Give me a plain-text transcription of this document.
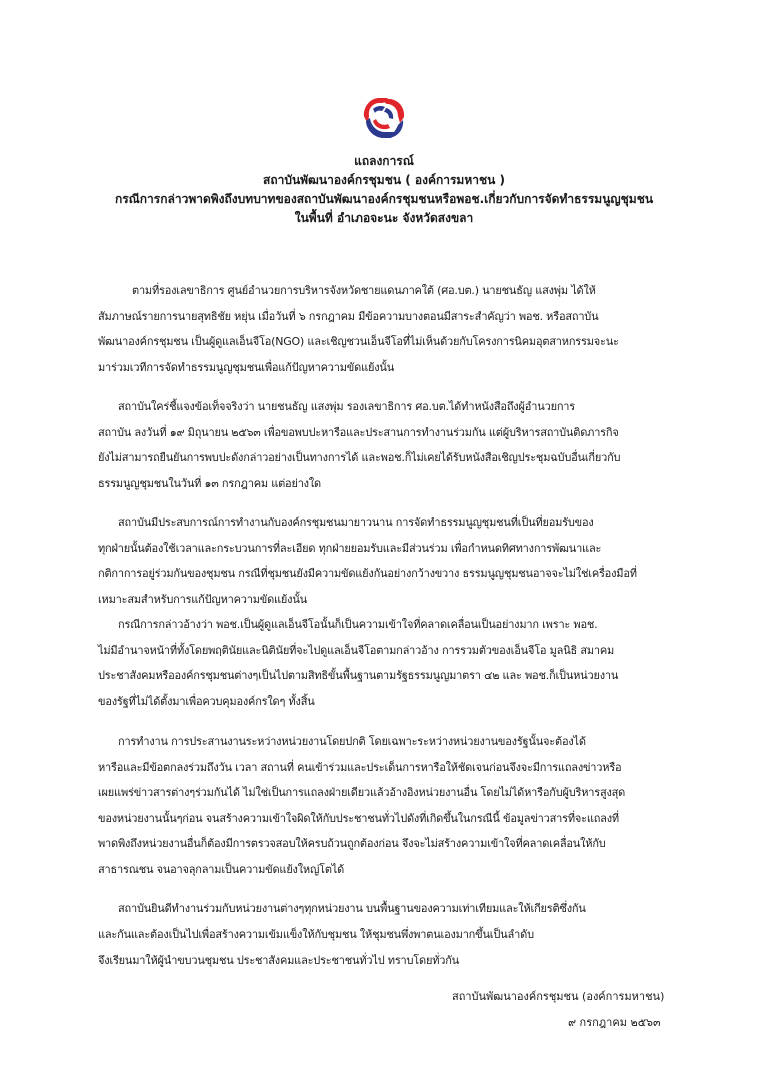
แถลงการณ์
สถาบันพัฒนาองค์กรชุมชน ( องค์การมหาชน )
กรณีการกล่าวพาดพิงถึงบทบาทของสถาบันพัฒนาองค์กรชุมชนหรือพอช.เกี่ยวกับการจัดทำธรรมนูญชุมชน
ในพื้นที่ อำเภอจะนะ จังหวัดสงขลา
ตามที่รองเลขาธิการ ศูนย์อำนวยการบริหารจังหวัดชายแดนภาคใต้ (ศอ.บต.) นายชนธัญ แสงพุ่ม ได้ให้
สัมภาษณ์รายการนายสุทธิชัย หยุ่น เมื่อวันที่ ๖ กรกฎาคม มีข้อความบางตอนมีสาระสำคัญว่า พอช. หรือสถาบัน
พัฒนาองค์กรชุมชน เป็นผู้ดูแลเอ็นจีโอ(NGO) และเชิญชวนเอ็นจีโอที่ไม่เห็นด้วยกับโครงการนิคมอุตสาหกรรมจะนะ
มาร่วมเวทีการจัดทำธรรมนูญชุมชนเพื่อแก้ปัญหาความขัดแย้งนั้น
สถาบันใคร่ชี้แจงข้อเท็จจริงว่า นายชนธัญ แสงพุ่ม รองเลขาธิการ ศอ.บต.ได้ทำหนังสือถึงผู้อำนวยการ
สถาบัน ลงวันที่ ๑๙ มิถุนายน ๒๕๖๓ เพื่อขอพบปะหารือและประสานการทำงานร่วมกัน แต่ผู้บริหารสถาบันติดภารกิจ
ยังไม่สามารถยืนยันการพบปะดังกล่าวอย่างเป็นทางการได้ และพอช.ก็ไม่เคยได้รับหนังสือเชิญประชุมฉบับอื่นเกี่ยวกับ
ธรรมนูญชุมชนในวันที่ ๑๓ กรกฎาคม แต่อย่างใด
สถาบันมีประสบการณ์การทำงานกับองค์กรชุมชนมายาวนาน การจัดทำธรรมนูญชุมชนที่เป็นที่ยอมรับของ
ทุกฝ่ายนั้นต้องใช้เวลาและกระบวนการที่ละเอียด ทุกฝ่ายยอมรับและมีส่วนร่วม เพื่อกำหนดทิศทางการพัฒนาและ
กติกาการอยู่ร่วมกันของชุมชน กรณีที่ชุมชนยังมีความขัดแย้งกันอย่างกว้างขวาง ธรรมนูญชุมชนอาจจะไม่ใช่เครื่องมือที่
เหมาะสมสำหรับการแก้ปัญหาความขัดแย้งนั้น
กรณีการกล่าวอ้างว่า พอช.เป็นผู้ดูแลเอ็นจีโอนั้นก็เป็นความเข้าใจที่คลาดเคลื่อนเป็นอย่างมาก เพราะ พอช.
ไม่มีอำนาจหน้าที่ทั้งโดยพฤตินัยและนิตินัยที่จะไปดูแลเอ็นจีโอตามกล่าวอ้าง การรวมตัวของเอ็นจีโอ มูลนิธิ สมาคม
ประชาสังคมหรือองค์กรชุมชนต่างๆเป็นไปตามสิทธิขั้นพื้นฐานตามรัฐธรรมนูญมาตรา ๔๒ และ พอช.ก็เป็นหน่วยงาน
ของรัฐที่ไม่ได้ตั้งมาเพื่อควบคุมองค์กรใดๆ ทั้งสิ้น
การทำงาน การประสานงานระหว่างหน่วยงานโดยปกติ โดยเฉพาะระหว่างหน่วยงานของรัฐนั้นจะต้องได้
หารือและมีข้อตกลงร่วมถึงวัน เวลา สถานที่ คนเข้าร่วมและประเด็นการหารือให้ชัดเจนก่อนจึงจะมีการแถลงข่าวหรือ
เผยแพร่ข่าวสารต่างๆร่วมกันได้ ไม่ใช่เป็นการแถลงฝ่ายเดียวแล้วอ้างอิงหน่วยงานอื่น โดยไม่ได้หารือกับผู้บริหารสูงสุด
ของหน่วยงานนั้นๆก่อน จนสร้างความเข้าใจผิดให้กับประชาชนทั่วไปดังที่เกิดขึ้นในกรณีนี้ ข้อมูลข่าวสารที่จะแถลงที่
พาดพิงถึงหน่วยงานอื่นก็ต้องมีการตรวจสอบให้ครบถ้วนถูกต้องก่อน จึงจะไม่สร้างความเข้าใจที่คลาดเคลื่อนให้กับ
สาธารณชน จนอาจลุกลามเป็นความขัดแย้งใหญ่โตได้
สถาบันยินดีทำงานร่วมกับหน่วยงานต่างๆทุกหน่วยงาน บนพื้นฐานของความเท่าเทียมและให้เกียรติซึ่งกัน
และกันและต้องเป็นไปเพื่อสร้างความเข้มแข็งให้กับชุมชน ให้ชุมชนพึ่งพาตนเองมากขึ้นเป็นลำดับ
จึงเรียนมาให้ผู้นำขบวนชุมชน ประชาสังคมและประชาชนทั่วไป ทราบโดยทั่วกัน
สถาบันพัฒนาองค์กรชุมชน (องค์การมหาชน)
๙ กรกฎาคม ๒๕๖๓
